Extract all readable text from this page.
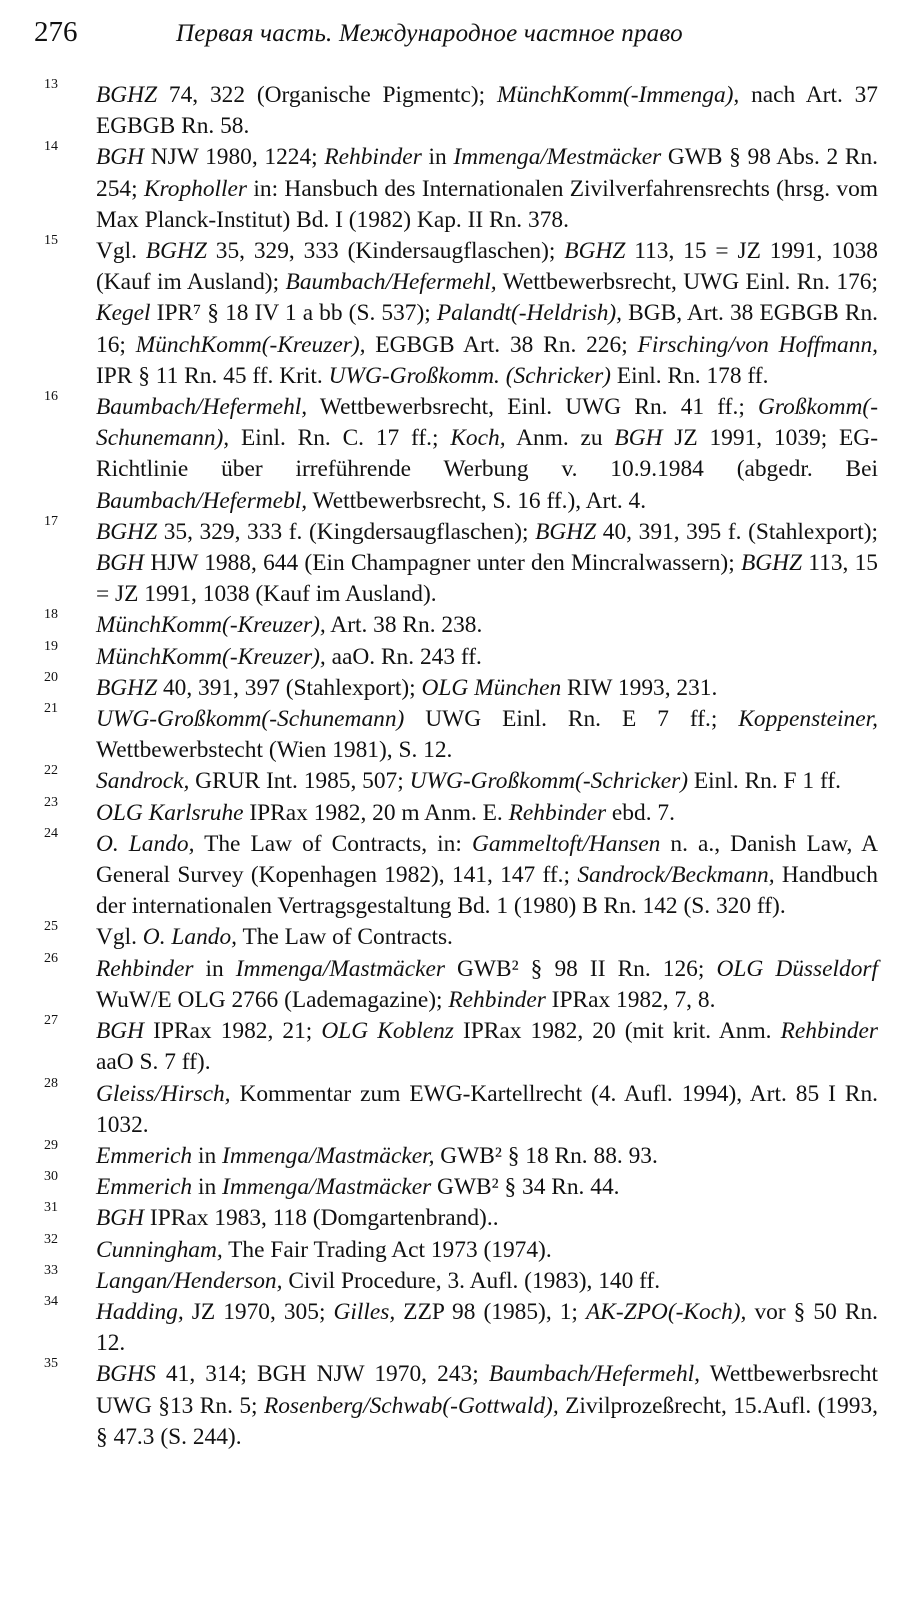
276	Первая часть. Международное частное право
13 BGHZ 74, 322 (Organische Pigmentc); MünchKomm(-Immenga), nach Art. 37 EGBGB Rn. 58.
14 BGH NJW 1980, 1224; Rehbinder in Immenga/Mestmäcker GWB § 98 Abs. 2 Rn. 254; Kropholler in: Hansbuch des Internationalen Zivilverfahrensrechts (hrsg. vom Max Planck-Institut) Bd. I (1982) Kap. II Rn. 378.
15 Vgl. BGHZ 35, 329, 333 (Kindersaugflaschen); BGHZ 113, 15 = JZ 1991, 1038 (Kauf im Ausland); Baumbach/Hefermehl, Wettbewerbsrecht, UWG Einl. Rn. 176; Kegel IPR⁷ § 18 IV 1 a bb (S. 537); Palandt(-Heldrish), BGB, Art. 38 EGBGB Rn. 16; MünchKomm(-Kreuzer), EGBGB Art. 38 Rn. 226; Firsching/von Hoffmann, IPR § 11 Rn. 45 ff. Krit. UWG-Großkomm. (Schricker) Einl. Rn. 178 ff.
16 Baumbach/Hefermehl, Wettbewerbsrecht, Einl. UWG Rn. 41 ff.; Großkomm(-Schunemann), Einl. Rn. C. 17 ff.; Koch, Anm. zu BGH JZ 1991, 1039; EG-Richtlinie über irreführende Werbung v. 10.9.1984 (abgedr. Bei Baumbach/Hefermebl, Wettbewerbsrecht, S. 16 ff.), Art. 4.
17 BGHZ 35, 329, 333 f. (Kingdersaugflaschen); BGHZ 40, 391, 395 f. (Stahlexport); BGH HJW 1988, 644 (Ein Champagner unter den Mincralwassern); BGHZ 113, 15 = JZ 1991, 1038 (Kauf im Ausland).
18 MünchKomm(-Kreuzer), Art. 38 Rn. 238.
19 MünchKomm(-Kreuzer), aaO. Rn. 243 ff.
20 BGHZ 40, 391, 397 (Stahlexport); OLG München RIW 1993, 231.
21 UWG-Großkomm(-Schunemann) UWG Einl. Rn. E 7 ff.; Koppensteiner, Wettbewerbstecht (Wien 1981), S. 12.
22 Sandrock, GRUR Int. 1985, 507; UWG-Großkomm(-Schricker) Einl. Rn. F 1 ff.
23 OLG Karlsruhe IPRax 1982, 20 m Anm. E. Rehbinder ebd. 7.
24 O. Lando, The Law of Contracts, in: Gammeltoft/Hansen n. a., Danish Law, A General Survey (Kopenhagen 1982), 141, 147 ff.; Sandrock/Beckmann, Handbuch der internationalen Vertragsgestaltung Bd. 1 (1980) B Rn. 142 (S. 320 ff).
25 Vgl. O. Lando, The Law of Contracts.
26 Rehbinder in Immenga/Mastmäcker GWB² § 98 II Rn. 126; OLG Düsseldorf WuW/E OLG 2766 (Lademagazine); Rehbinder IPRax 1982, 7, 8.
27 BGH IPRax 1982, 21; OLG Koblenz IPRax 1982, 20 (mit krit. Anm. Rehbinder aaO S. 7 ff).
28 Gleiss/Hirsch, Kommentar zum EWG-Kartellrecht (4. Aufl. 1994), Art. 85 I Rn. 1032.
29 Emmerich in Immenga/Mastmäcker, GWB² § 18 Rn. 88. 93.
30 Emmerich in Immenga/Mastmäcker GWB² § 34 Rn. 44.
31 BGH IPRax 1983, 118 (Domgartenbrand)..
32 Cunningham, The Fair Trading Act 1973 (1974).
33 Langan/Henderson, Civil Procedure, 3. Aufl. (1983), 140 ff.
34 Hadding, JZ 1970, 305; Gilles, ZZP 98 (1985), 1; AK-ZPO(-Koch), vor § 50 Rn. 12.
35 BGHS 41, 314; BGH NJW 1970, 243; Baumbach/Hefermehl, Wettbewerbsrecht UWG §13 Rn. 5; Rosenberg/Schwab(-Gottwald), Zivilprozeßrecht, 15.Aufl. (1993, § 47.3 (S. 244).
